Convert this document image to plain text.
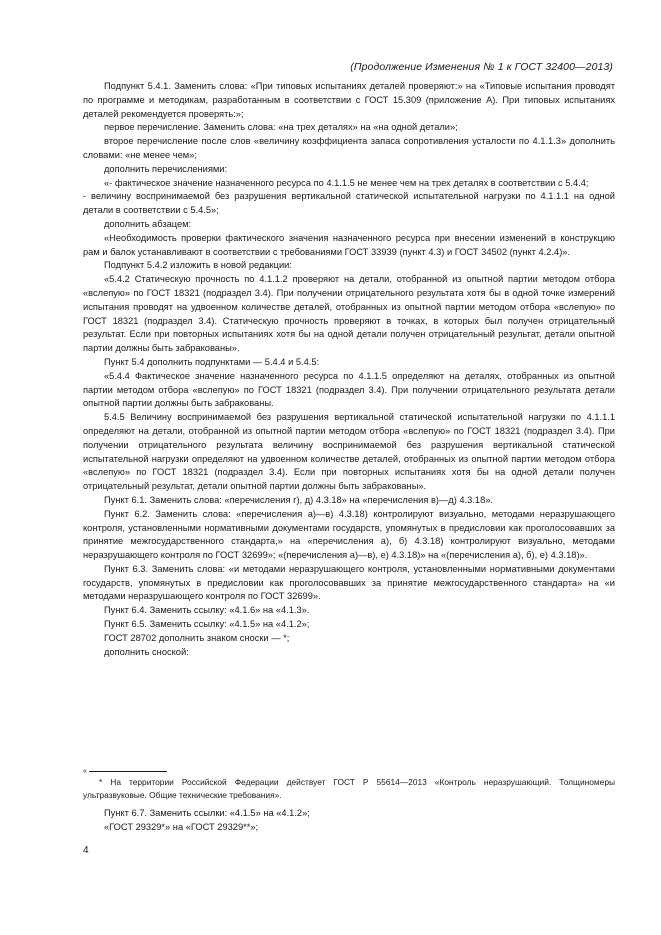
(Продолжение Изменения № 1 к ГОСТ 32400—2013)

Подпункт 5.4.1. Заменить слова: «При типовых испытаниях деталей проверяют:» на «Типовые испытания проводят по программе и методикам, разработанным в соответствии с ГОСТ 15.309 (приложение А). При типовых испытаниях деталей рекомендуется проверять:»;

первое перечисление. Заменить слова: «на трех деталях» на «на одной детали»;

второе перечисление после слов «величину коэффициента запаса сопротивления усталости по 4.1.1.3» дополнить словами: «не менее чем»;

дополнить перечислениями:

«- фактическое значение назначенного ресурса по 4.1.1.5 не менее чем на трех деталях в соответствии с 5.4.4;

- величину воспринимаемой без разрушения вертикальной статической испытательной нагрузки по 4.1.1.1 на одной детали в соответствии с 5.4.5»;

дополнить абзацем:

«Необходимость проверки фактического значения назначенного ресурса при внесении изменений в конструкцию рам и балок устанавливают в соответствии с требованиями ГОСТ 33939 (пункт 4.3) и ГОСТ 34502 (пункт 4.2.4)».

Подпункт 5.4.2 изложить в новой редакции:

«5.4.2 Статическую прочность по 4.1.1.2 проверяют на детали, отобранной из опытной партии методом отбора «вслепую» по ГОСТ 18321 (подраздел 3.4). При получении отрицательного результата хотя бы в одной точке измерений испытания проводят на удвоенном количестве деталей, отобранных из опытной партии методом отбора «вслепую» по ГОСТ 18321 (подраздел 3.4). Статическую прочность проверяют в точках, в которых был получен отрицательный результат. Если при повторных испытаниях хотя бы на одной детали получен отрицательный результат, детали опытной партии должны быть забракованы».

Пункт 5.4 дополнить подпунктами — 5.4.4 и 5.4.5:

«5.4.4 Фактическое значение назначенного ресурса по 4.1.1.5 определяют на деталях, отобранных из опытной партии методом отбора «вслепую» по ГОСТ 18321 (подраздел 3.4). При получении отрицательного результата детали опытной партии должны быть забракованы.

5.4.5 Величину воспринимаемой без разрушения вертикальной статической испытательной нагрузки по 4.1.1.1 определяют на детали, отобранной из опытной партии методом отбора «вслепую» по ГОСТ 18321 (подраздел 3.4). При получении отрицательного результата величину воспринимаемой без разрушения вертикальной статической испытательной нагрузки определяют на удвоенном количестве деталей, отобранных из опытной партии методом отбора «вслепую» по ГОСТ 18321 (подраздел 3.4). Если при повторных испытаниях хотя бы на одной детали получен отрицательный результат, детали опытной партии должны быть забракованы».

Пункт 6.1. Заменить слова: «перечисления г), д) 4.3.18» на «перечисления в)—д) 4.3.18».

Пункт 6.2. Заменить слова: «перечисления а)—в) 4.3.18) контролируют визуально, методами неразрушающего контроля, установленными нормативными документами государств, упомянутых в предисловии как проголосовавших за принятие межгосударственного стандарта,» на «перечисления а), б) 4.3.18) контролируют визуально, методами неразрушающего контроля по ГОСТ 32699»; «(перечисления а)—в), е) 4.3.18)» на «(перечисления а), б), е) 4.3.18)».

Пункт 6.3. Заменить слова: «и методами неразрушающего контроля, установленными нормативными документами государств, упомянутых в предисловии как проголосовавших за принятие межгосударственного стандарта» на «и методами неразрушающего контроля по ГОСТ 32699».

Пункт 6.4. Заменить ссылку: «4.1.6» на «4.1.3».

Пункт 6.5. Заменить ссылку: «4.1.5» на «4.1.2»;

ГОСТ 28702 дополнить знаком сноски — *;

дополнить сноской:

«

* На территории Российской Федерации действует ГОСТ Р 55614—2013 «Контроль неразрушающий. Толщиномеры ультразвуковые. Общие технические требования».

Пункт 6.7. Заменить ссылки: «4.1.5» на «4.1.2»;

«ГОСТ 29329*» на «ГОСТ 29329**»;

4
